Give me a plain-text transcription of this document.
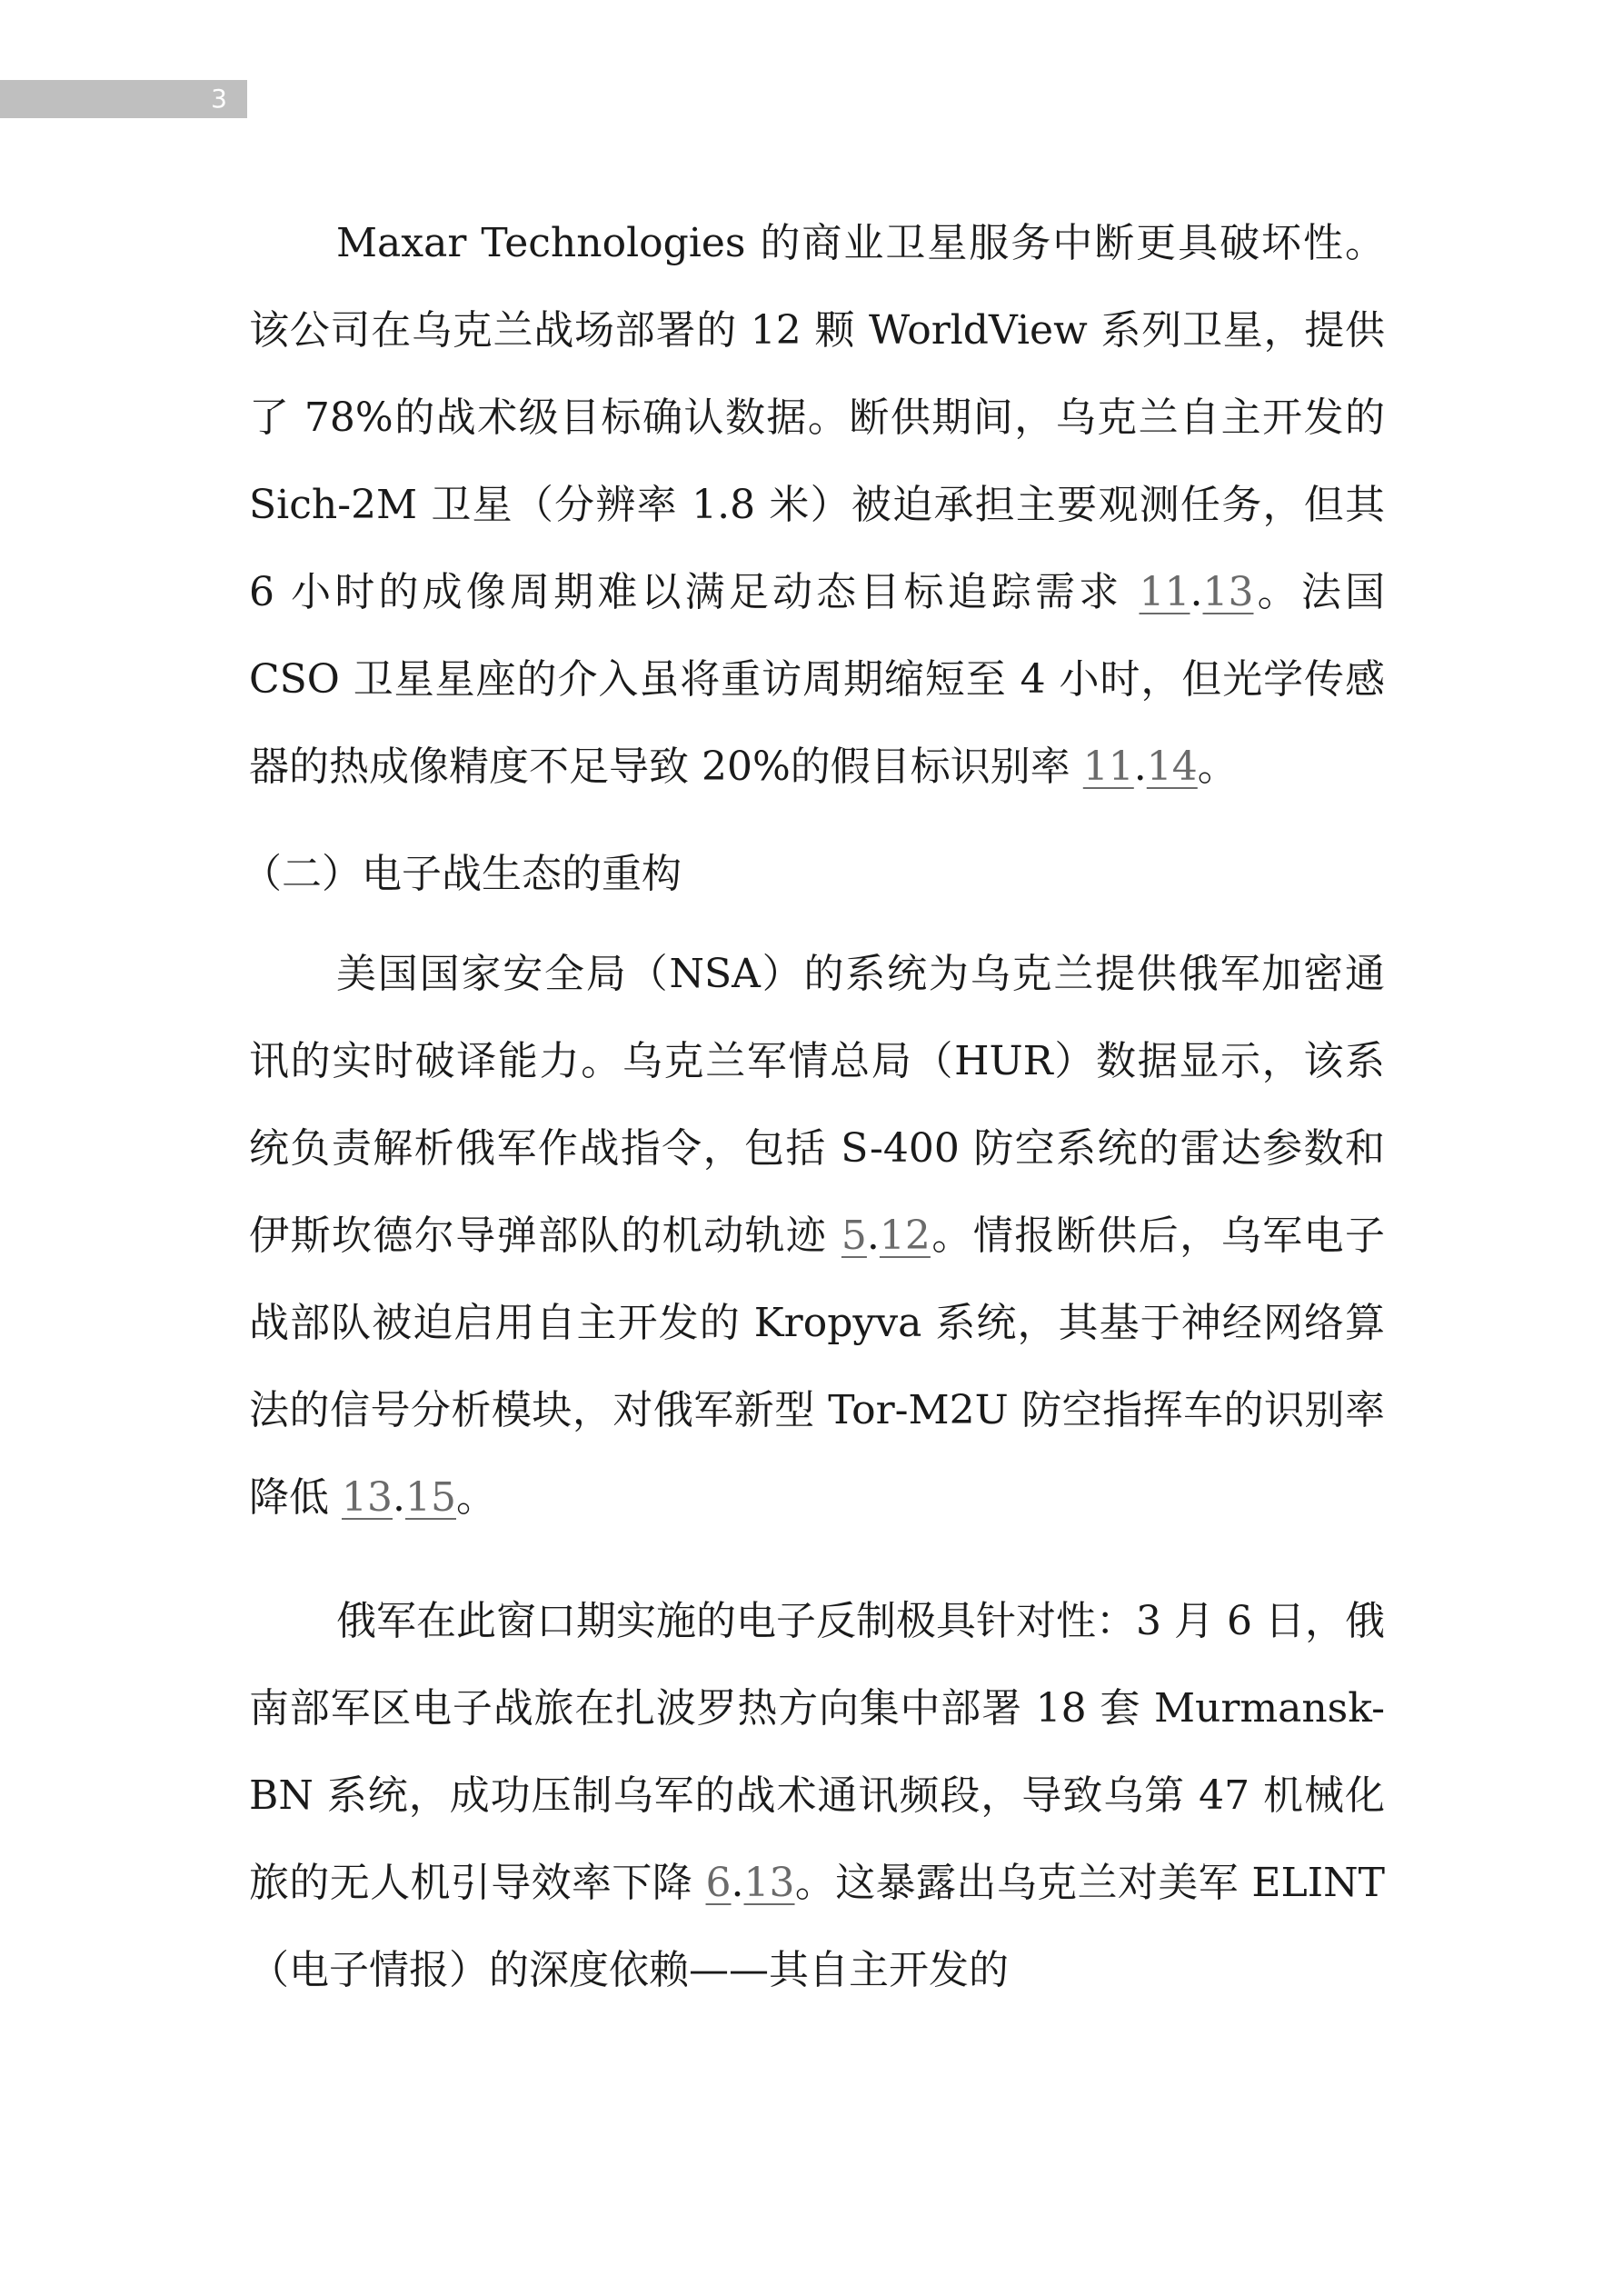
3

Maxar Technologies 的商业卫星服务中断更具破坏性。该公司在乌克兰战场部署的 12 颗 WorldView 系列卫星，提供了 78%的战术级目标确认数据。断供期间，乌克兰自主开发的 Sich-2M 卫星（分辨率 1.8 米）被迫承担主要观测任务，但其 6 小时的成像周期难以满足动态目标追踪需求 11.13。法国 CSO 卫星星座的介入虽将重访周期缩短至 4 小时，但光学传感器的热成像精度不足导致 20%的假目标识别率 11.14。

（二）电子战生态的重构

美国国家安全局（NSA）的系统为乌克兰提供俄军加密通讯的实时破译能力。乌克兰军情总局（HUR）数据显示，该系统负责解析俄军作战指令，包括 S-400 防空系统的雷达参数和伊斯坎德尔导弹部队的机动轨迹 5.12。情报断供后，乌军电子战部队被迫启用自主开发的 Kropyva 系统，其基于神经网络算法的信号分析模块，对俄军新型 Tor-M2U 防空指挥车的识别率降低 13.15。

俄军在此窗口期实施的电子反制极具针对性：3 月 6 日，俄南部军区电子战旅在扎波罗热方向集中部署 18 套 Murmansk-BN 系统，成功压制乌军的战术通讯频段，导致乌第 47 机械化旅的无人机引导效率下降 6.13。这暴露出乌克兰对美军 ELINT（电子情报）的深度依赖——其自主开发的
